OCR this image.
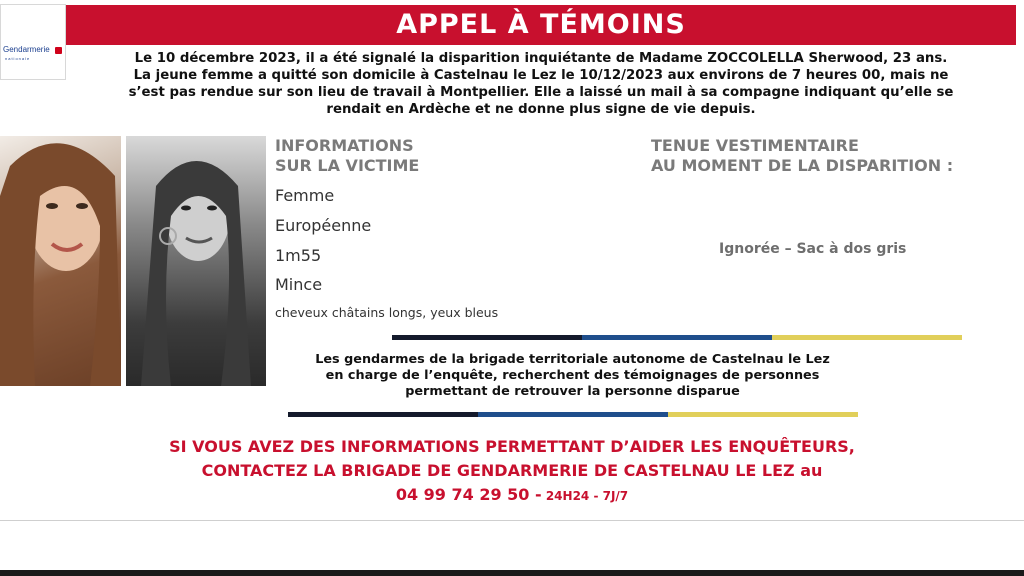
Gendarmerie
nationale
APPEL À TÉMOINS
Le 10 décembre 2023, il a été signalé la disparition inquiétante de Madame ZOCCOLELLA Sherwood, 23 ans.
La jeune femme a quitté son domicile à Castelnau le Lez le 10/12/2023 aux environs de 7 heures 00, mais ne
s’est pas rendue sur son lieu de travail à Montpellier. Elle a laissé un mail à sa compagne indiquant qu’elle se
rendait en Ardèche et ne donne plus signe de vie depuis.
INFORMATIONS
SUR LA VICTIME
Femme
Européenne
1m55
Mince
cheveux châtains longs, yeux bleus
TENUE VESTIMENTAIRE
AU MOMENT DE LA DISPARITION :
Ignorée – Sac à dos gris
Les gendarmes de la brigade territoriale autonome de Castelnau le Lez
en charge de l’enquête, recherchent des témoignages de personnes
permettant de retrouver la personne disparue
SI VOUS AVEZ DES INFORMATIONS PERMETTANT D’AIDER LES ENQUÊTEURS,
CONTACTEZ LA BRIGADE DE GENDARMERIE DE CASTELNAU LE LEZ au
04 99 74 29 50 - 24H24 - 7J/7
